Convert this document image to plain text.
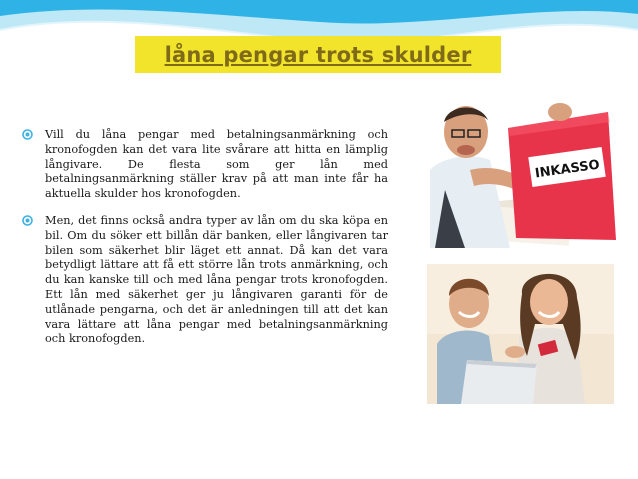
låna pengar trots skulder
Vill du låna pengar med betalningsanmärkning och kronofogden kan det vara lite svårare att hitta en lämplig långivare. De flesta som ger lån med betalningsanmärkning ställer krav på att man inte får ha aktuella skulder hos kronofogden.
Men, det finns också andra typer av lån om du ska köpa en bil. Om du söker ett billån där banken, eller långivaren tar bilen som säkerhet blir läget ett annat. Då kan det vara betydligt lättare att få ett större lån trots anmärkning, och du kan kanske till och med låna pengar trots kronofogden. Ett lån med säkerhet ger ju långivaren garanti för de utlånade pengarna, och det är anledningen till att det kan vara lättare att låna pengar med betalningsanmärkning och kronofogden.
INKASSO
